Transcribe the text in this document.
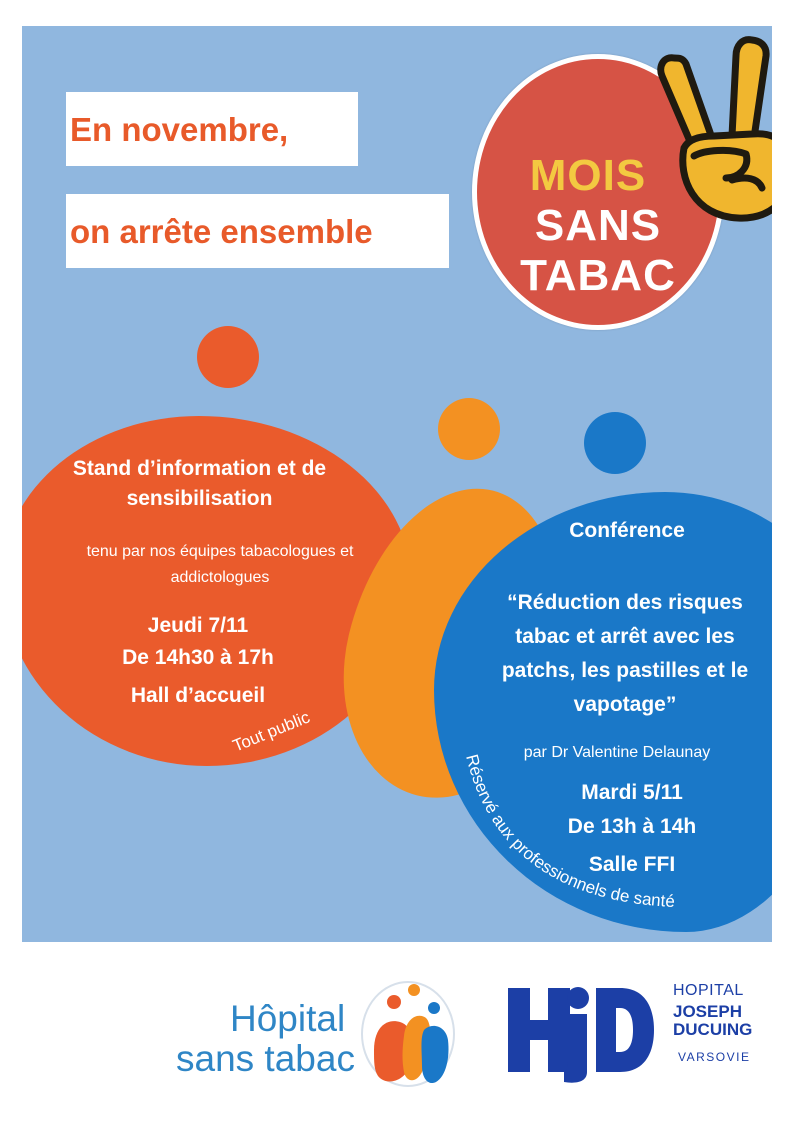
En novembre,
on arrête ensemble
MOIS
SANS
TABAC
Stand d’information et de sensibilisation
tenu par nos équipes tabacologues et addictologues
Jeudi 7/11
De 14h30 à 17h
Hall d’accueil
Tout public
Conférence
“Réduction des risques tabac et arrêt avec les patchs, les pastilles et le vapotage”
par Dr Valentine Delaunay
Mardi 5/11
De 13h à 14h
Salle FFI
Réservé aux professionnels de santé
Hôpital
sans tabac
HOPITAL
JOSEPH
DUCUING
VARSOVIE
